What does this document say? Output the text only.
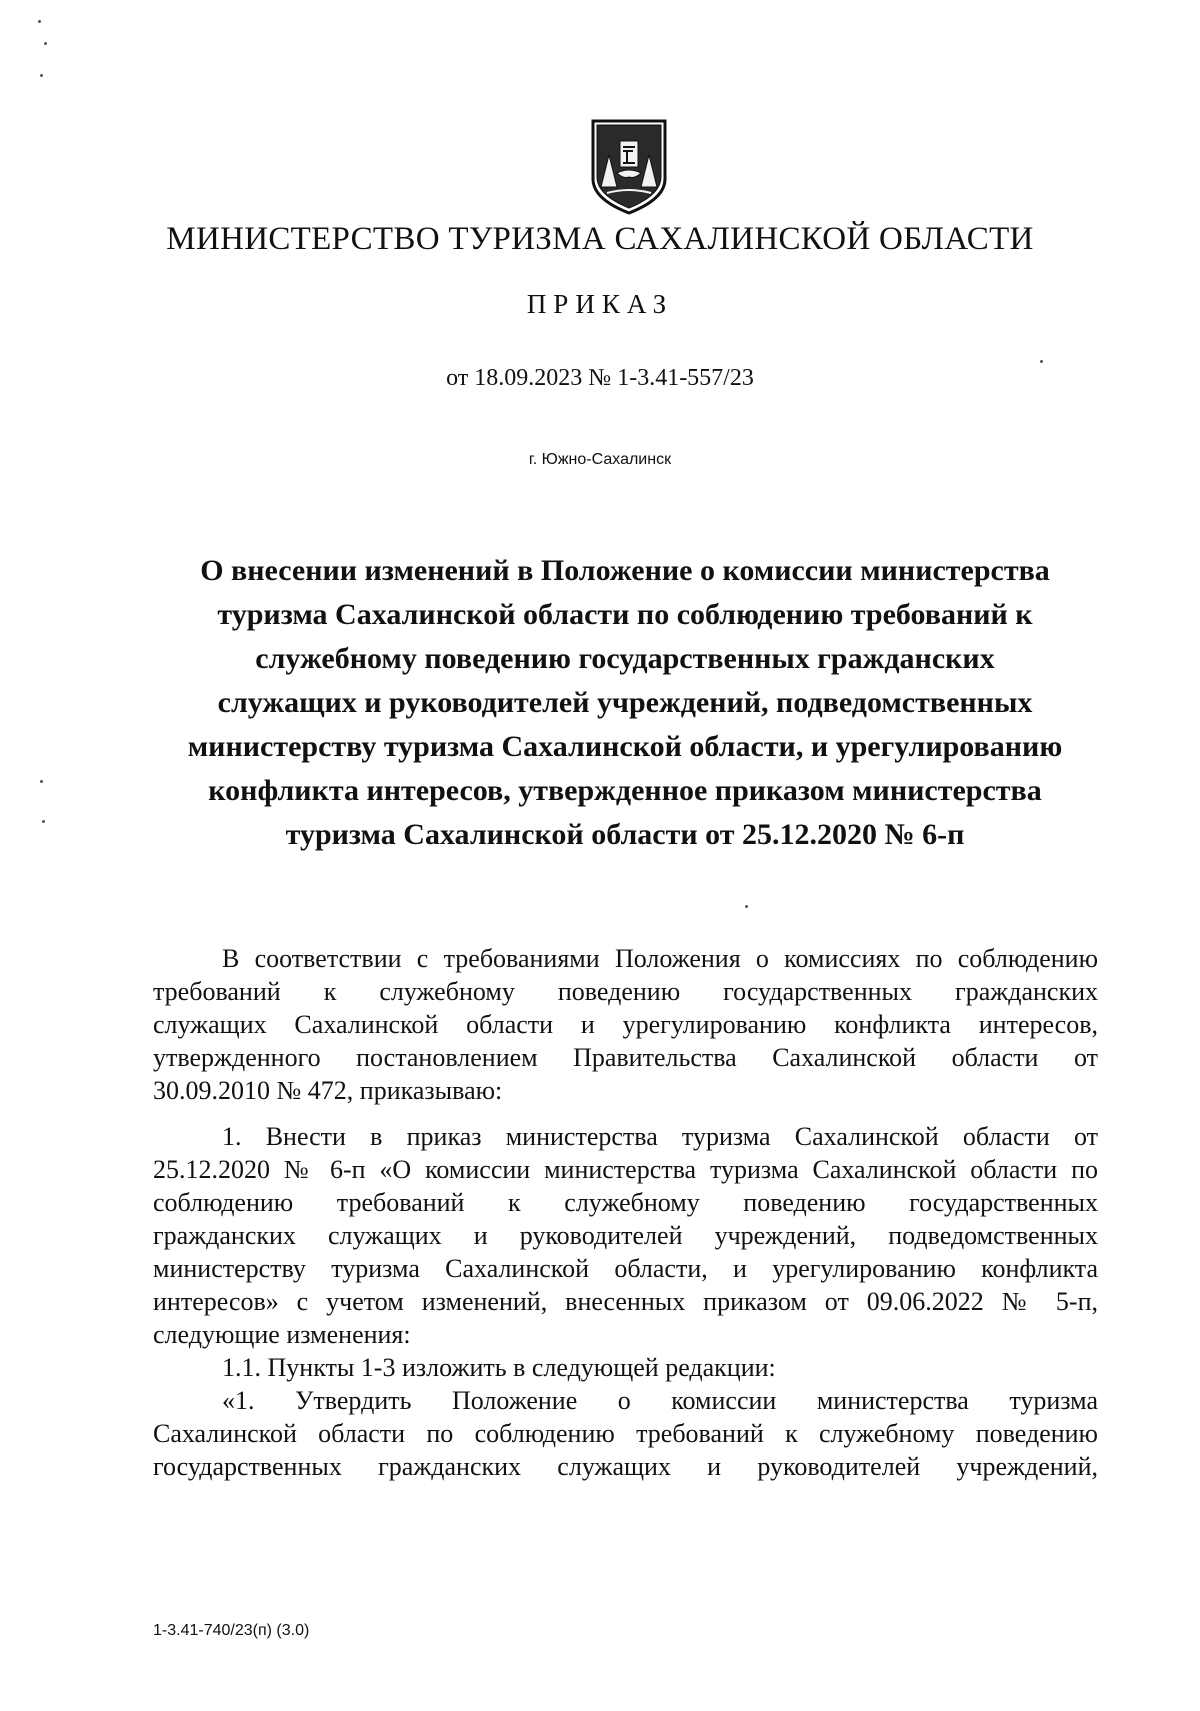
МИНИСТЕРСТВО ТУРИЗМА САХАЛИНСКОЙ ОБЛАСТИ
ПРИКАЗ
от 18.09.2023 № 1-3.41-557/23
г. Южно-Сахалинск
О внесении изменений в Положение о комиссии министерства
туризма Сахалинской области по соблюдению требований к
служебному поведению государственных гражданских
служащих и руководителей учреждений, подведомственных
министерству туризма Сахалинской области, и урегулированию
конфликта интересов, утвержденное приказом министерства
туризма Сахалинской области от 25.12.2020 № 6-п
В соответствии с требованиями Положения о комиссиях по соблюдению
требований к служебному поведению государственных гражданских
служащих Сахалинской области и урегулированию конфликта интересов,
утвержденного постановлением Правительства Сахалинской области от
30.09.2010 № 472, приказываю:
1. Внести в приказ министерства туризма Сахалинской области от
25.12.2020 № 6-п «О комиссии министерства туризма Сахалинской области по
соблюдению требований к служебному поведению государственных
гражданских служащих и руководителей учреждений, подведомственных
министерству туризма Сахалинской области, и урегулированию конфликта
интересов» с учетом изменений, внесенных приказом от 09.06.2022 № 5-п,
следующие изменения:
1.1. Пункты 1-3 изложить в следующей редакции:
«1. Утвердить Положение о комиссии министерства туризма
Сахалинской области по соблюдению требований к служебному поведению
государственных гражданских служащих и руководителей учреждений,
1-3.41-740/23(п) (3.0)
